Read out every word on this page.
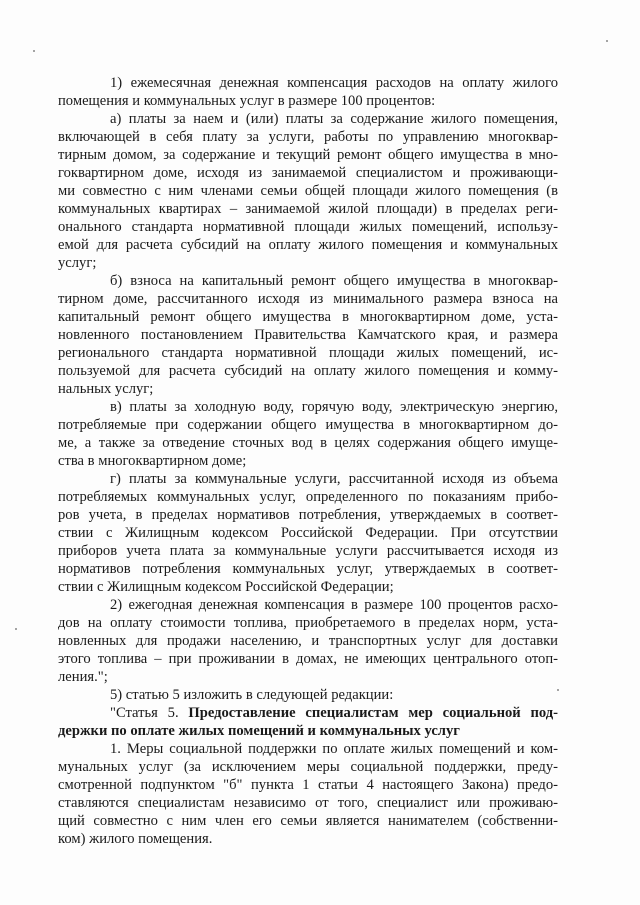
1) ежемесячная денежная компенсация расходов на оплату жилого
помещения и коммунальных услуг в размере 100 процентов:
а) платы за наем и (или) платы за содержание жилого помещения,
включающей в себя плату за услуги, работы по управлению многоквар-
тирным домом, за содержание и текущий ремонт общего имущества в мно-
гоквартирном доме, исходя из занимаемой специалистом и проживающи-
ми совместно с ним членами семьи общей площади жилого помещения (в
коммунальных квартирах – занимаемой жилой площади) в пределах реги-
онального стандарта нормативной площади жилых помещений, использу-
емой для расчета субсидий на оплату жилого помещения и коммунальных
услуг;
б) взноса на капитальный ремонт общего имущества в многоквар-
тирном доме, рассчитанного исходя из минимального размера взноса на
капитальный ремонт общего имущества в многоквартирном доме, уста-
новленного постановлением Правительства Камчатского края, и размера
регионального стандарта нормативной площади жилых помещений, ис-
пользуемой для расчета субсидий на оплату жилого помещения и комму-
нальных услуг;
в) платы за холодную воду, горячую воду, электрическую энергию,
потребляемые при содержании общего имущества в многоквартирном до-
ме, а также за отведение сточных вод в целях содержания общего имуще-
ства в многоквартирном доме;
г) платы за коммунальные услуги, рассчитанной исходя из объема
потребляемых коммунальных услуг, определенного по показаниям прибо-
ров учета, в пределах нормативов потребления, утверждаемых в соответ-
ствии с Жилищным кодексом Российской Федерации. При отсутствии
приборов учета плата за коммунальные услуги рассчитывается исходя из
нормативов потребления коммунальных услуг, утверждаемых в соответ-
ствии с Жилищным кодексом Российской Федерации;
2) ежегодная денежная компенсация в размере 100 процентов расхо-
дов на оплату стоимости топлива, приобретаемого в пределах норм, уста-
новленных для продажи населению, и транспортных услуг для доставки
этого топлива – при проживании в домах, не имеющих центрального отоп-
ления.";
5) статью 5 изложить в следующей редакции:
"Статья 5. Предоставление специалистам мер социальной под-
держки по оплате жилых помещений и коммунальных услуг
1. Меры социальной поддержки по оплате жилых помещений и ком-
мунальных услуг (за исключением меры социальной поддержки, преду-
смотренной подпунктом "б" пункта 1 статьи 4 настоящего Закона) предо-
ставляются специалистам независимо от того, специалист или проживаю-
щий совместно с ним член его семьи является нанимателем (собственни-
ком) жилого помещения.
